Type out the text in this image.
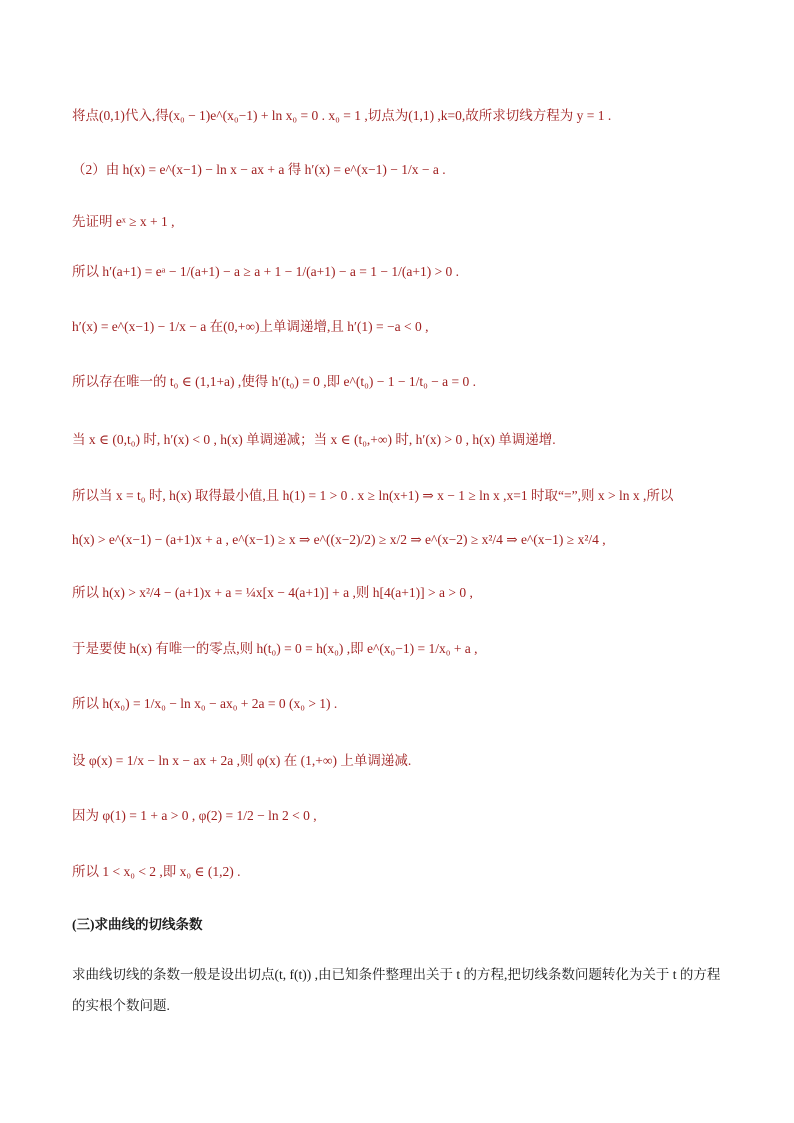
将点(0,1)代入,得(x₀ − 1)e^(x₀−1) + ln x₀ = 0 . x₀ = 1 ,切点为(1,1) ,k=0,故所求切线方程为 y = 1 .
（2）由 h(x) = e^(x−1) − ln x − ax + a 得 h′(x) = e^(x−1) − 1/x − a .
先证明 eˣ ≥ x + 1 ,
所以 h′(a+1) = eᵃ − 1/(a+1) − a ≥ a + 1 − 1/(a+1) − a = 1 − 1/(a+1) > 0 .
h′(x) = e^(x−1) − 1/x − a 在(0,+∞)上单调递增,且 h′(1) = −a < 0 ,
所以存在唯一的 t₀ ∈ (1,1+a) ,使得 h′(t₀) = 0 ,即 e^(t₀) − 1 − 1/t₀ − a = 0 .
当 x ∈ (0,t₀) 时, h′(x) < 0 , h(x) 单调递减；当 x ∈ (t₀,+∞) 时, h′(x) > 0 , h(x) 单调递增.
所以当 x = t₀ 时, h(x) 取得最小值,且 h(1) = 1 > 0 . x ≥ ln(x+1) ⇒ x − 1 ≥ ln x ,x=1 时取“=”,则 x > ln x ,所以
h(x) > e^(x−1) − (a+1)x + a , e^(x−1) ≥ x ⇒ e^((x−2)/2) ≥ x/2 ⇒ e^(x−2) ≥ x²/4 ⇒ e^(x−1) ≥ x²/4 ,
所以 h(x) > x²/4 − (a+1)x + a = ¼x[x − 4(a+1)] + a ,则 h[4(a+1)] > a > 0 ,
于是要使 h(x) 有唯一的零点,则 h(t₀) = 0 = h(x₀) ,即 e^(x₀−1) = 1/x₀ + a ,
所以 h(x₀) = 1/x₀ − ln x₀ − ax₀ + 2a = 0 (x₀ > 1) .
设 φ(x) = 1/x − ln x − ax + 2a ,则 φ(x) 在 (1,+∞) 上单调递减.
因为 φ(1) = 1 + a > 0 , φ(2) = 1/2 − ln 2 < 0 ,
所以 1 < x₀ < 2 ,即 x₀ ∈ (1,2) .
(三)求曲线的切线条数
求曲线切线的条数一般是设出切点(t, f(t)) ,由已知条件整理出关于 t 的方程,把切线条数问题转化为关于 t 的方程的实根个数问题.
